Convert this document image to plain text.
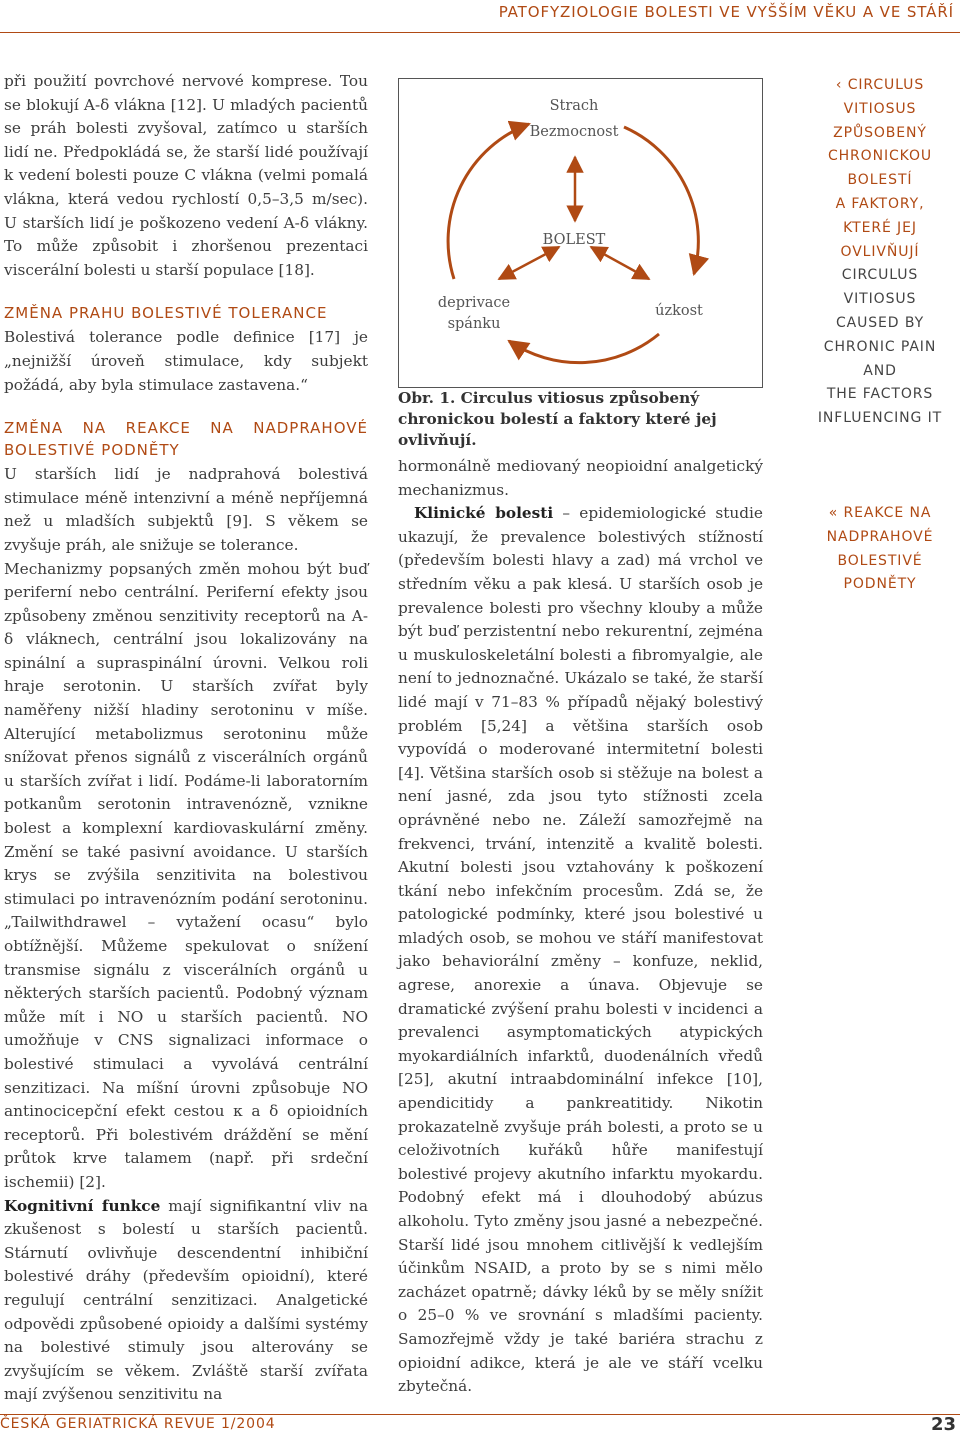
PATOFYZIOLOGIE BOLESTI VE VYŠŠÍM VĚKU A VE STÁŘÍ

při použití povrchové nervové komprese. Tou se blokují A-δ vlákna [12]. U mladých pacientů se práh bolesti zvyšoval, zatímco u starších lidí ne. Předpokládá se, že starší lidé používají k vedení bolesti pouze C vlákna (velmi pomalá vlákna, která vedou rychlostí 0,5–3,5 m/sec). U starších lidí je poškozeno vedení A-δ vlákny. To může způsobit i zhoršenou prezentaci viscerální bolesti u starší populace [18].

ZMĚNA PRAHU BOLESTIVÉ TOLERANCE

Bolestivá tolerance podle definice [17] je „nejnižší úroveň stimulace, kdy subjekt požádá, aby byla stimulace zastavena.“

ZMĚNA NA REAKCE NA NADPRAHOVÉ BOLESTIVÉ PODNĚTY

U starších lidí je nadprahová bolestivá stimulace méně intenzivní a méně nepříjemná než u mladších subjektů [9]. S věkem se zvyšuje práh, ale snižuje se tolerance.

Mechanizmy popsaných změn mohou být buď periferní nebo centrální. Periferní efekty jsou způsobeny změnou senzitivity receptorů na A-δ vláknech, centrální jsou lokalizovány na spinální a supraspinální úrovni. Velkou roli hraje serotonin. U starších zvířat byly naměřeny nižší hladiny serotoninu v míše. Alterující metabolizmus serotoninu může snížovat přenos signálů z viscerálních orgánů u starších zvířat i lidí. Podáme-li laboratorním potkanům serotonin intravenózně, vznikne bolest a komplexní kardiovaskulární změny. Změní se také pasivní avoidance. U starších krys se zvýšila senzitivita na bolestivou stimulaci po intravenózním podání serotoninu. „Tailwithdrawel – vytažení ocasu“ bylo obtížnější. Můžeme spekulovat o snížení transmise signálu z viscerálních orgánů u některých starších pacientů. Podobný význam může mít i NO u starších pacientů. NO umožňuje v CNS signalizaci informace o bolestivé stimulaci a vyvolává centrální senzitizaci. Na míšní úrovni způsobuje NO antinocicepční efekt cestou κ a δ opioidních receptorů. Při bolestivém dráždění se mění průtok krve talamem (např. při srdeční ischemii) [2].

Kognitivní funkce mají signifikantní vliv na zkušenost s bolestí u starších pacientů. Stárnutí ovlivňuje descendentní inhibiční bolestivé dráhy (především opioidní), které regulují centrální senzitizaci. Analgetické odpovědi způsobené opioidy a dalšími systémy na bolestivé stimuly jsou alterovány se zvyšujícím se věkem. Zvláště starší zvířata mají zvýšenou senzitivitu na

Strach
Bezmocnost
BOLEST
deprivace
spánku
úzkost
Obr. 1. Circulus vitiosus způsobený chronickou bolestí a faktory které jej ovlivňují.

hormonálně mediovaný neopioidní analgetický mechanizmus.

Klinické bolesti – epidemiologické studie ukazují, že prevalence bolestivých stížností (především bolesti hlavy a zad) má vrchol ve středním věku a pak klesá. U starších osob je prevalence bolesti pro všechny klouby a může být buď perzistentní nebo rekurentní, zejména u muskuloskeletální bolesti a fibromyalgie, ale není to jednoznačné. Ukázalo se také, že starší lidé mají v 71–83 % případů nějaký bolestivý problém [5,24] a většina starších osob vypovídá o moderované intermitetní bolesti [4]. Většina starších osob si stěžuje na bolest a není jasné, zda jsou tyto stížnosti zcela oprávněné nebo ne. Záleží samozřejmě na frekvenci, trvání, intenzitě a kvalitě bolesti. Akutní bolesti jsou vztahovány k poškození tkání nebo infekčním procesům. Zdá se, že patologické podmínky, které jsou bolestivé u mladých osob, se mohou ve stáří manifestovat jako behaviorální změny – konfuze, neklid, agrese, anorexie a únava. Objevuje se dramatické zvýšení prahu bolesti v incidenci a prevalenci asymptomatických atypických myokardiálních infarktů, duodenálních vředů [25], akutní intraabdominální infekce [10], apendicitidy a pankreatitidy. Nikotin prokazatelně zvyšuje práh bolesti, a proto se u celoživotních kuřáků hůře manifestují bolestivé projevy akutního infarktu myokardu. Podobný efekt má i dlouhodobý abúzus alkoholu. Tyto změny jsou jasné a nebezpečné. Starší lidé jsou mnohem citlivější k vedlejším účinkům NSAID, a proto by se s nimi mělo zacházet opatrně; dávky léků by se měly snížit o 25–0 % ve srovnání s mladšími pacienty. Samozřejmě vždy je také bariéra strachu z opioidní adikce, která je ale ve stáří vcelku zbytečná.

‹ CIRCULUS
VITIOSUS
ZPŮSOBENÝ
CHRONICKOU
BOLESTÍ
A FAKTORY,
KTERÉ JEJ
OVLIVŇUJÍ
CIRCULUS
VITIOSUS
CAUSED BY
CHRONIC PAIN
AND
THE FACTORS
INFLUENCING IT
« REAKCE NA
NADPRAHOVÉ
BOLESTIVÉ
PODNĚTY
ČESKÁ GERIATRICKÁ REVUE 1/2004	23
